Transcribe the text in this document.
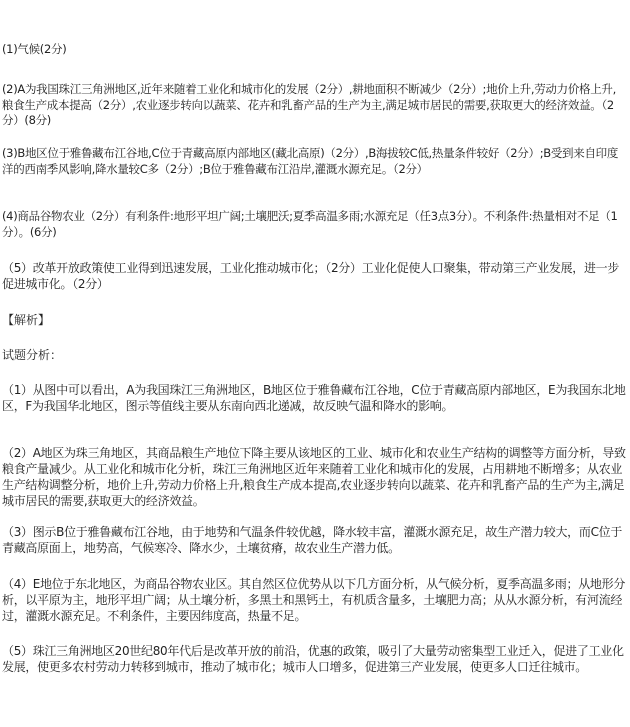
(1)气候(2分)

(2)A为我国珠江三角洲地区,近年来随着工业化和城市化的发展（2分）,耕地面积不断减少（2分）;地价上升,劳动力价格上升,粮食生产成本提高（2分）,农业逐步转向以蔬菜、花卉和乳畜产品的生产为主,满足城市居民的需要,获取更大的经济效益。（2分）(8分)

(3)B地区位于雅鲁藏布江谷地,C位于青藏高原内部地区(藏北高原)（2分）,B海拔较C低,热量条件较好（2分）;B受到来自印度洋的西南季风影响,降水量较C多（2分）;B位于雅鲁藏布江沿岸,灌溉水源充足。（2分）

(4)商品谷物农业（2分）有利条件:地形平坦广阔;土壤肥沃;夏季高温多雨;水源充足（任3点3分）。不利条件:热量相对不足（1分）。(6分)

（5）改革开放政策使工业得到迅速发展，工业化推动城市化；（2分）工业化促使人口聚集，带动第三产业发展，进一步促进城市化。（2分）

【解析】

试题分析：

（1）从图中可以看出，A为我国珠江三角洲地区，B地区位于雅鲁藏布江谷地，C位于青藏高原内部地区，E为我国东北地区，F为我国华北地区，图示等值线主要从东南向西北递减，故反映气温和降水的影响。

（2）A地区为珠三角地区，其商品粮生产地位下降主要从该地区的工业、城市化和农业生产结构的调整等方面分析，导致粮食产量减少。从工业化和城市化分析，珠江三角洲地区近年来随着工业化和城市化的发展，占用耕地不断增多；从农业生产结构调整分析，地价上升,劳动力价格上升,粮食生产成本提高,农业逐步转向以蔬菜、花卉和乳畜产品的生产为主,满足城市居民的需要,获取更大的经济效益。

（3）图示B位于雅鲁藏布江谷地，由于地势和气温条件较优越，降水较丰富，灌溉水源充足，故生产潜力较大，而C位于青藏高原面上，地势高，气候寒冷、降水少，土壤贫瘠，故农业生产潜力低。

（4）E地位于东北地区，为商品谷物农业区。其自然区位优势从以下几方面分析，从气候分析，夏季高温多雨；从地形分析，以平原为主，地形平坦广阔；从土壤分析，多黑土和黑钙土，有机质含量多，土壤肥力高；从从水源分析，有河流经过，灌溉水源充足。不利条件，主要因纬度高，热量不足。

（5）珠江三角洲地区20世纪80年代后是改革开放的前沿，优惠的政策，吸引了大量劳动密集型工业迁入，促进了工业化发展，使更多农村劳动力转移到城市，推动了城市化；城市人口增多，促进第三产业发展，使更多人口迁往城市。
